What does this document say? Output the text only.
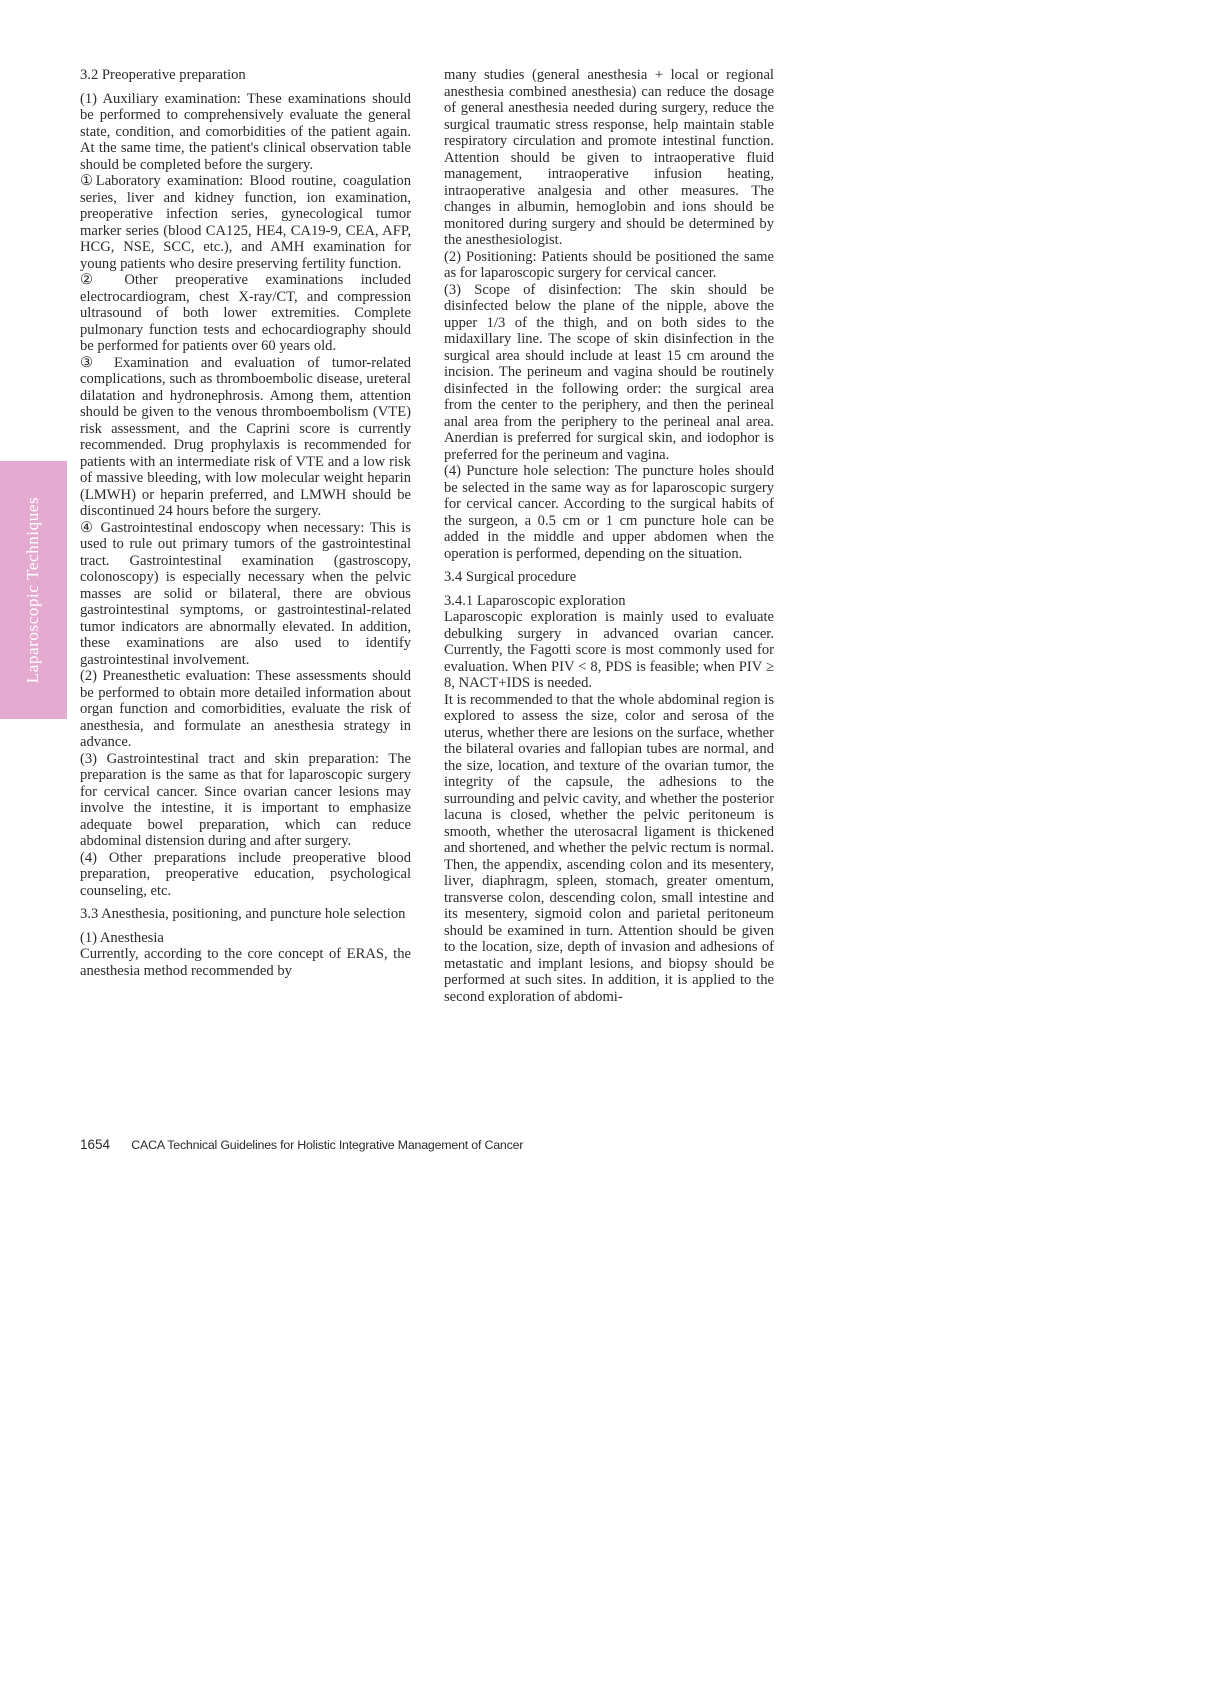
Laparoscopic Techniques
3.2 Preoperative preparation

(1) Auxiliary examination: These examinations should be performed to comprehensively evaluate the general state, condition, and comorbidities of the patient again. At the same time, the patient's clinical observation table should be completed before the surgery.

①Laboratory examination: Blood routine, coagulation series, liver and kidney function, ion examination, preoperative infection series, gynecological tumor marker series (blood CA125, HE4, CA19-9, CEA, AFP, HCG, NSE, SCC, etc.), and AMH examination for young patients who desire preserving fertility function.

② Other preoperative examinations included electrocardiogram, chest X-ray/CT, and compression ultrasound of both lower extremities. Complete pulmonary function tests and echocardiography should be performed for patients over 60 years old.

③ Examination and evaluation of tumor-related complications, such as thromboembolic disease, ureteral dilatation and hydronephrosis. Among them, attention should be given to the venous thromboembolism (VTE) risk assessment, and the Caprini score is currently recommended. Drug prophylaxis is recommended for patients with an intermediate risk of VTE and a low risk of massive bleeding, with low molecular weight heparin (LMWH) or heparin preferred, and LMWH should be discontinued 24 hours before the surgery.

④ Gastrointestinal endoscopy when necessary: This is used to rule out primary tumors of the gastrointestinal tract. Gastrointestinal examination (gastroscopy, colonoscopy) is especially necessary when the pelvic masses are solid or bilateral, there are obvious gastrointestinal symptoms, or gastrointestinal-related tumor indicators are abnormally elevated. In addition, these examinations are also used to identify gastrointestinal involvement.

(2) Preanesthetic evaluation: These assessments should be performed to obtain more detailed information about organ function and comorbidities, evaluate the risk of anesthesia, and formulate an anesthesia strategy in advance.

(3) Gastrointestinal tract and skin preparation: The preparation is the same as that for laparoscopic surgery for cervical cancer. Since ovarian cancer lesions may involve the intestine, it is important to emphasize adequate bowel preparation, which can reduce abdominal distension during and after surgery.

(4) Other preparations include preoperative blood preparation, preoperative education, psychological counseling, etc.

3.3 Anesthesia, positioning, and puncture hole selection
(1) Anesthesia

Currently, according to the core concept of ERAS, the anesthesia method recommended by

many studies (general anesthesia + local or regional anesthesia combined anesthesia) can reduce the dosage of general anesthesia needed during surgery, reduce the surgical traumatic stress response, help maintain stable respiratory circulation and promote intestinal function. Attention should be given to intraoperative fluid management, intraoperative infusion heating, intraoperative analgesia and other measures. The changes in albumin, hemoglobin and ions should be monitored during surgery and should be determined by the anesthesiologist.

(2) Positioning: Patients should be positioned the same as for laparoscopic surgery for cervical cancer.

(3) Scope of disinfection: The skin should be disinfected below the plane of the nipple, above the upper 1/3 of the thigh, and on both sides to the midaxillary line. The scope of skin disinfection in the surgical area should include at least 15 cm around the incision. The perineum and vagina should be routinely disinfected in the following order: the surgical area from the center to the periphery, and then the perineal anal area from the periphery to the perineal anal area. Anerdian is preferred for surgical skin, and iodophor is preferred for the perineum and vagina.

(4) Puncture hole selection: The puncture holes should be selected in the same way as for laparoscopic surgery for cervical cancer. According to the surgical habits of the surgeon, a 0.5 cm or 1 cm puncture hole can be added in the middle and upper abdomen when the operation is performed, depending on the situation.

3.4 Surgical procedure
3.4.1 Laparoscopic exploration

Laparoscopic exploration is mainly used to evaluate debulking surgery in advanced ovarian cancer. Currently, the Fagotti score is most commonly used for evaluation. When PIV < 8, PDS is feasible; when PIV ≥ 8, NACT+IDS is needed.

It is recommended to that the whole abdominal region is explored to assess the size, color and serosa of the uterus, whether there are lesions on the surface, whether the bilateral ovaries and fallopian tubes are normal, and the size, location, and texture of the ovarian tumor, the integrity of the capsule, the adhesions to the surrounding and pelvic cavity, and whether the posterior lacuna is closed, whether the pelvic peritoneum is smooth, whether the uterosacral ligament is thickened and shortened, and whether the pelvic rectum is normal. Then, the appendix, ascending colon and its mesentery, liver, diaphragm, spleen, stomach, greater omentum, transverse colon, descending colon, small intestine and its mesentery, sigmoid colon and parietal peritoneum should be examined in turn. Attention should be given to the location, size, depth of invasion and adhesions of metastatic and implant lesions, and biopsy should be performed at such sites. In addition, it is applied to the second exploration of abdomi-

1654 CACA Technical Guidelines for Holistic Integrative Management of Cancer
